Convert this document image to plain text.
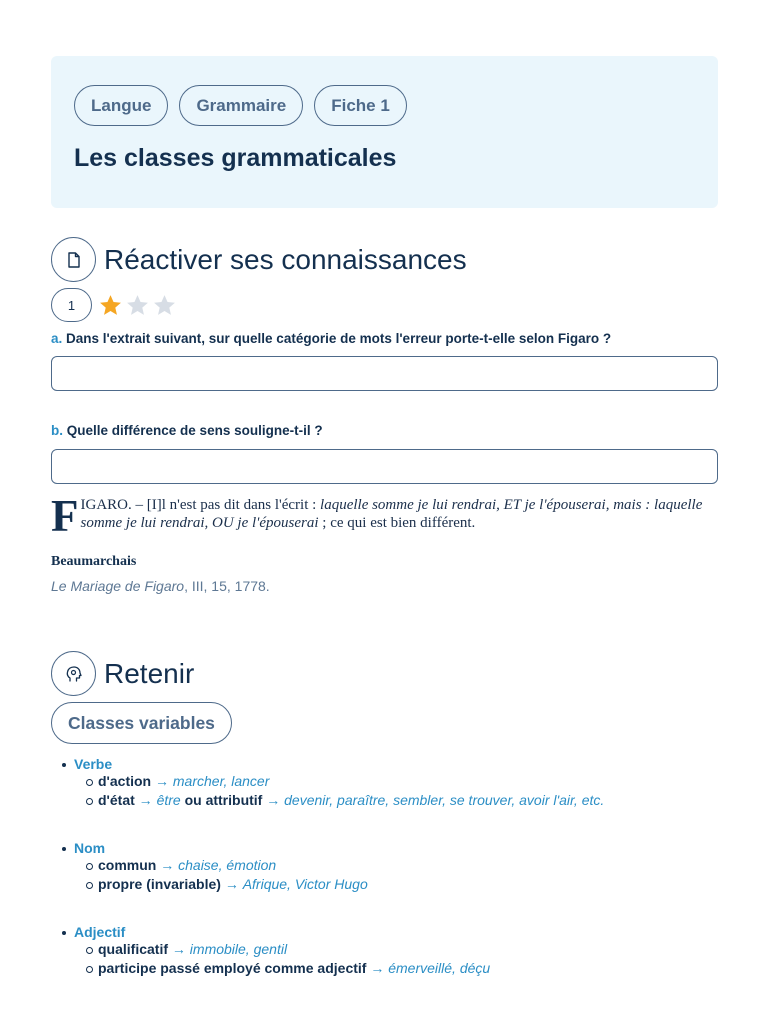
Langue	Grammaire	Fiche 1
Les classes grammaticales
Réactiver ses connaissances
1
a. Dans l'extrait suivant, sur quelle catégorie de mots l'erreur porte-t-elle selon Figaro ?
b. Quelle différence de sens souligne-t-il ?
FIGARO. – [I]l n'est pas dit dans l'écrit : laquelle somme je lui rendrai, ET je l'épouserai, mais : laquelle somme je lui rendrai, OU je l'épouserai ; ce qui est bien différent.
Beaumarchais
Le Mariage de Figaro, III, 15, 1778.
Retenir
Classes variables
Verbe
d'action → marcher, lancer
d'état → être ou attributif → devenir, paraître, sembler, se trouver, avoir l'air, etc.
Nom
commun → chaise, émotion
propre (invariable) → Afrique, Victor Hugo
Adjectif
qualificatif → immobile, gentil
participe passé employé comme adjectif → émerveillé, déçu
